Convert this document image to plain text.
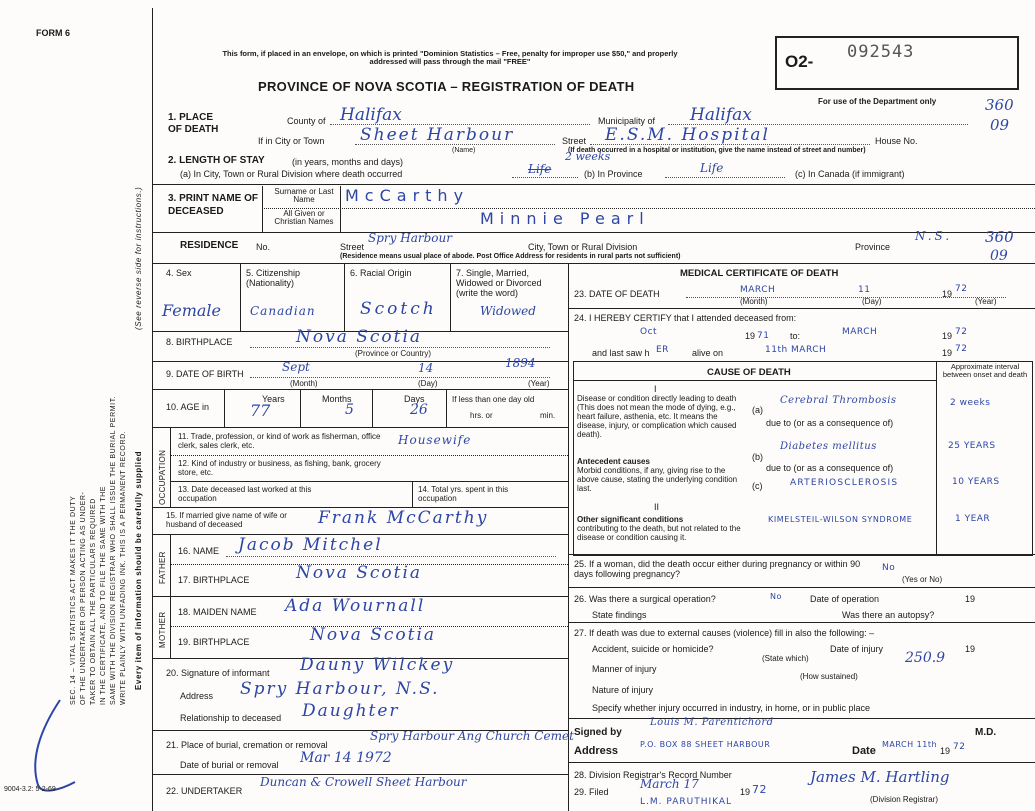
FORM 6
This form, if placed in an envelope, on which is printed "Dominion Statistics – Free, penalty for improper use $50," and properly addressed will pass through the mail "FREE"
PROVINCE OF NOVA SCOTIA – REGISTRATION OF DEATH
O2- 092543
For use of the Department only	360
09
SEC. 14 – VITAL STATISTICS ACT MAKES IT THE DUTY OF THE UNDERTAKER OR PERSON ACTING AS UNDER- TAKER TO OBTAIN ALL THE PARTICULARS REQUIRED IN THE CERTIFICATE, AND TO FILE THE SAME WITH THE SAME WITH THE DIVISION REGISTRAR WHO SHALL ISSUE THE BURIAL PERMIT. WRITE PLAINLY WITH UNFADING INK. THIS IS A PERMANENT RECORD. Every item of information should be carefully supplied
(See reverse side for instructions.)
1. PLACE OF DEATH
County of Halifax	Municipality of Halifax
If in City or Town Sheet Harbour
(Name)
Street E.S.M. Hospital	House No.
(If death occurred in a hospital or institution, give the name instead of street and number)
2. LENGTH OF STAY	(in years, months and days)
(a) In City, Town or Rural Division where death occurred	Life
2 weeks
(b) In Province	Life	(c) In Canada (if immigrant)
3. PRINT NAME OF DECEASED
Surname or Last Name
All Given or Christian Names
McCarthy
Minnie Pearl
RESIDENCE No.	Street
Spry Harbour
City, Town or Rural Division	Province
N.S. 360
09
(Residence means usual place of abode. Post Office Address for residents in rural parts not sufficient)
4. Sex	5. Citizenship (Nationality)
6. Racial Origin	7. Single, Married, Widowed or Divorced (write the word)
Female Canadian	Scotch	Widowed
8. BIRTHPLACE	Nova Scotia
(Province or Country)
9. DATE OF BIRTH	Sept	14	1894
(Month)	(Day)	(Year)
10. AGE in
Years	Months	Days
77	5	26
If less than one day old
hrs. or	min.
OCCUPATION
11. Trade, profession, or kind of work as fisherman, office clerk, sales clerk, etc.	Housewife
12. Kind of industry or business, as fishing, bank, grocery store, etc.
13. Date deceased last worked at this occupation
14. Total yrs. spent in this occupation
15. If married give name of wife or husband of deceased	Frank McCarthy
FATHER
16. NAME Jacob Mitchel
17. BIRTHPLACE	Nova Scotia
MOTHER 18. MAIDEN NAME Ada Wournall
19. BIRTHPLACE	Nova Scotia
20. Signature of informant Dauny Wilckey
Address Spry Harbour, N.S.
Relationship to deceased Daughter
21. Place of burial, cremation or removal
Spry Harbour Ang Church Cemet
Date of burial or removal Mar 14 1972
22. UNDERTAKER
Duncan & Crowell Sheet Harbour
9004-3.2: 5-2-69
MEDICAL CERTIFICATE OF DEATH
23. DATE OF DEATH	MARCH	11	19 72
(Month)	(Day)	(Year)
24. I HEREBY CERTIFY that I attended deceased from:
Oct	19 71 to:	MARCH	19 72
and last saw h ER	alive on	11th MARCH	19 72
CAUSE OF DEATH
Approximate interval between onset and death
I
Disease or condition directly leading to death (This does not mean the mode of dying, e.g., heart failure, asthenia, etc. It means the disease, injury, or complication which caused death).
(a)
Cerebral Thrombosis	2 weeks
due to (or as a consequence of)
Antecedent causes
Morbid conditions, if any, giving rise to the above cause, stating the underlying condition last.
(b)
Diabetes mellitus	25 YEARS
due to (or as a consequence of)
(c)	ARTERIOSCLEROSIS	10 YEARS
II
Other significant conditions
contributing to the death, but not related to the disease or condition causing it.
KIMELSTEIL-WILSON SYNDROME	1 YEAR
25. If a woman, did the death occur either during pregnancy or within 90 days following pregnancy?
No
(Yes or No)
26. Was there a surgical operation?	No	Date of operation	19
State findings	Was there an autopsy?
27. If death was due to external causes (violence) fill in also the following: –
Accident, suicide or homicide?
(State which)
Date of injury	19
Manner of injury
250.9
(How sustained)
Nature of injury
Specify whether injury occurred in industry, in home, or in public place
Signed by
Louis M. Parentichord
M.D.
Address
P.O. BOX 88 SHEET HARBOUR
Date
MARCH 11th
19 72
28. Division Registrar's Record Number
29. Filed
March 17
19 72
James M. Hartling
(Division Registrar)
L.M. PARUTHIKAL
